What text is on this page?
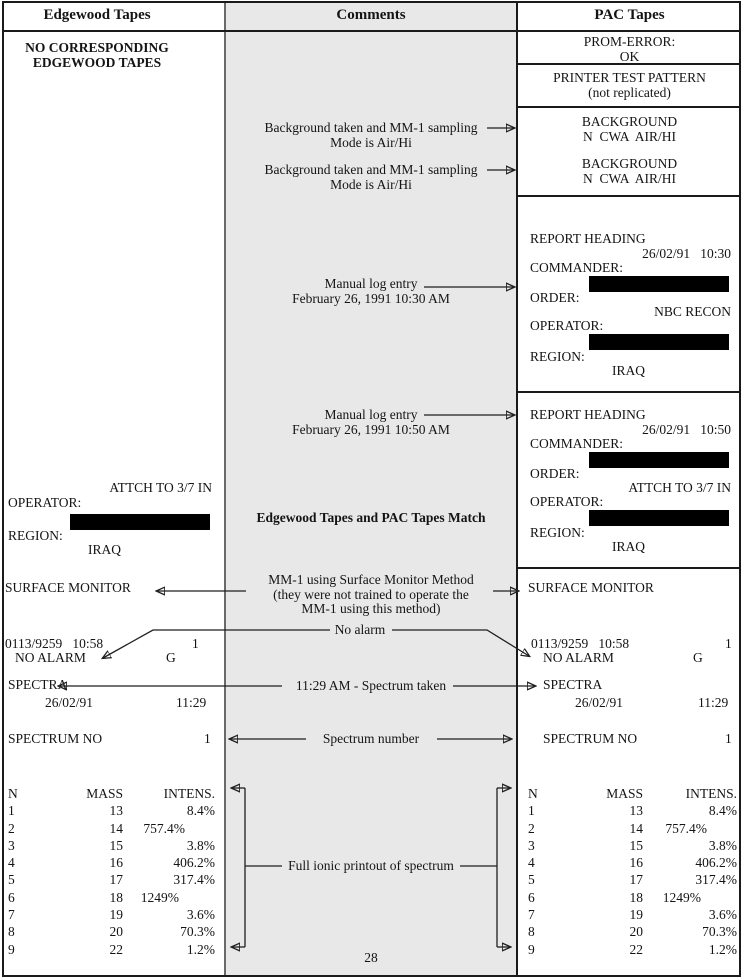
Edgewood Tapes	Comments	PAC Tapes
NO CORRESPONDING
EDGEWOOD TAPES
ATTCH TO 3/7 IN
OPERATOR:
REGION:
IRAQ
SURFACE MONITOR
0113/9259   10:58	1
NO ALARM	G
SPECTRA
26/02/91	11:29
SPECTRUM NO	1
N	MASS	INTENS.
1	13	8.4%
2	14	757.4%
3	15	3.8%
4	16	406.2%
5	17	317.4%
6	18	1249%
7	19	3.6%
8	20	70.3%
9	22	1.2%
Background taken and MM-1 sampling
Mode is Air/Hi
Background taken and MM-1 sampling
Mode is Air/Hi
Manual log entry
February 26, 1991 10:30 AM
Manual log entry
February 26, 1991 10:50 AM
Edgewood Tapes and PAC Tapes Match
MM-1 using Surface Monitor Method
(they were not trained to operate the
MM-1 using this method)
No alarm
11:29 AM - Spectrum taken
Spectrum number
Full ionic printout of spectrum
28
PROM-ERROR:
OK
PRINTER TEST PATTERN
(not replicated)
BACKGROUND
N  CWA  AIR/HI
BACKGROUND
N  CWA  AIR/HI
REPORT HEADING
26/02/91   10:30
COMMANDER:
ORDER:
NBC RECON
OPERATOR:
REGION:
IRAQ
REPORT HEADING
26/02/91   10:50
COMMANDER:
ORDER:
ATTCH TO 3/7 IN
OPERATOR:
REGION:
IRAQ
SURFACE MONITOR
0113/9259   10:58	1
NO ALARM	G
SPECTRA
26/02/91	11:29
SPECTRUM NO	1
N	MASS	INTENS.
1	13	8.4%
2	14	757.4%
3	15	3.8%
4	16	406.2%
5	17	317.4%
6	18	1249%
7	19	3.6%
8	20	70.3%
9	22	1.2%
